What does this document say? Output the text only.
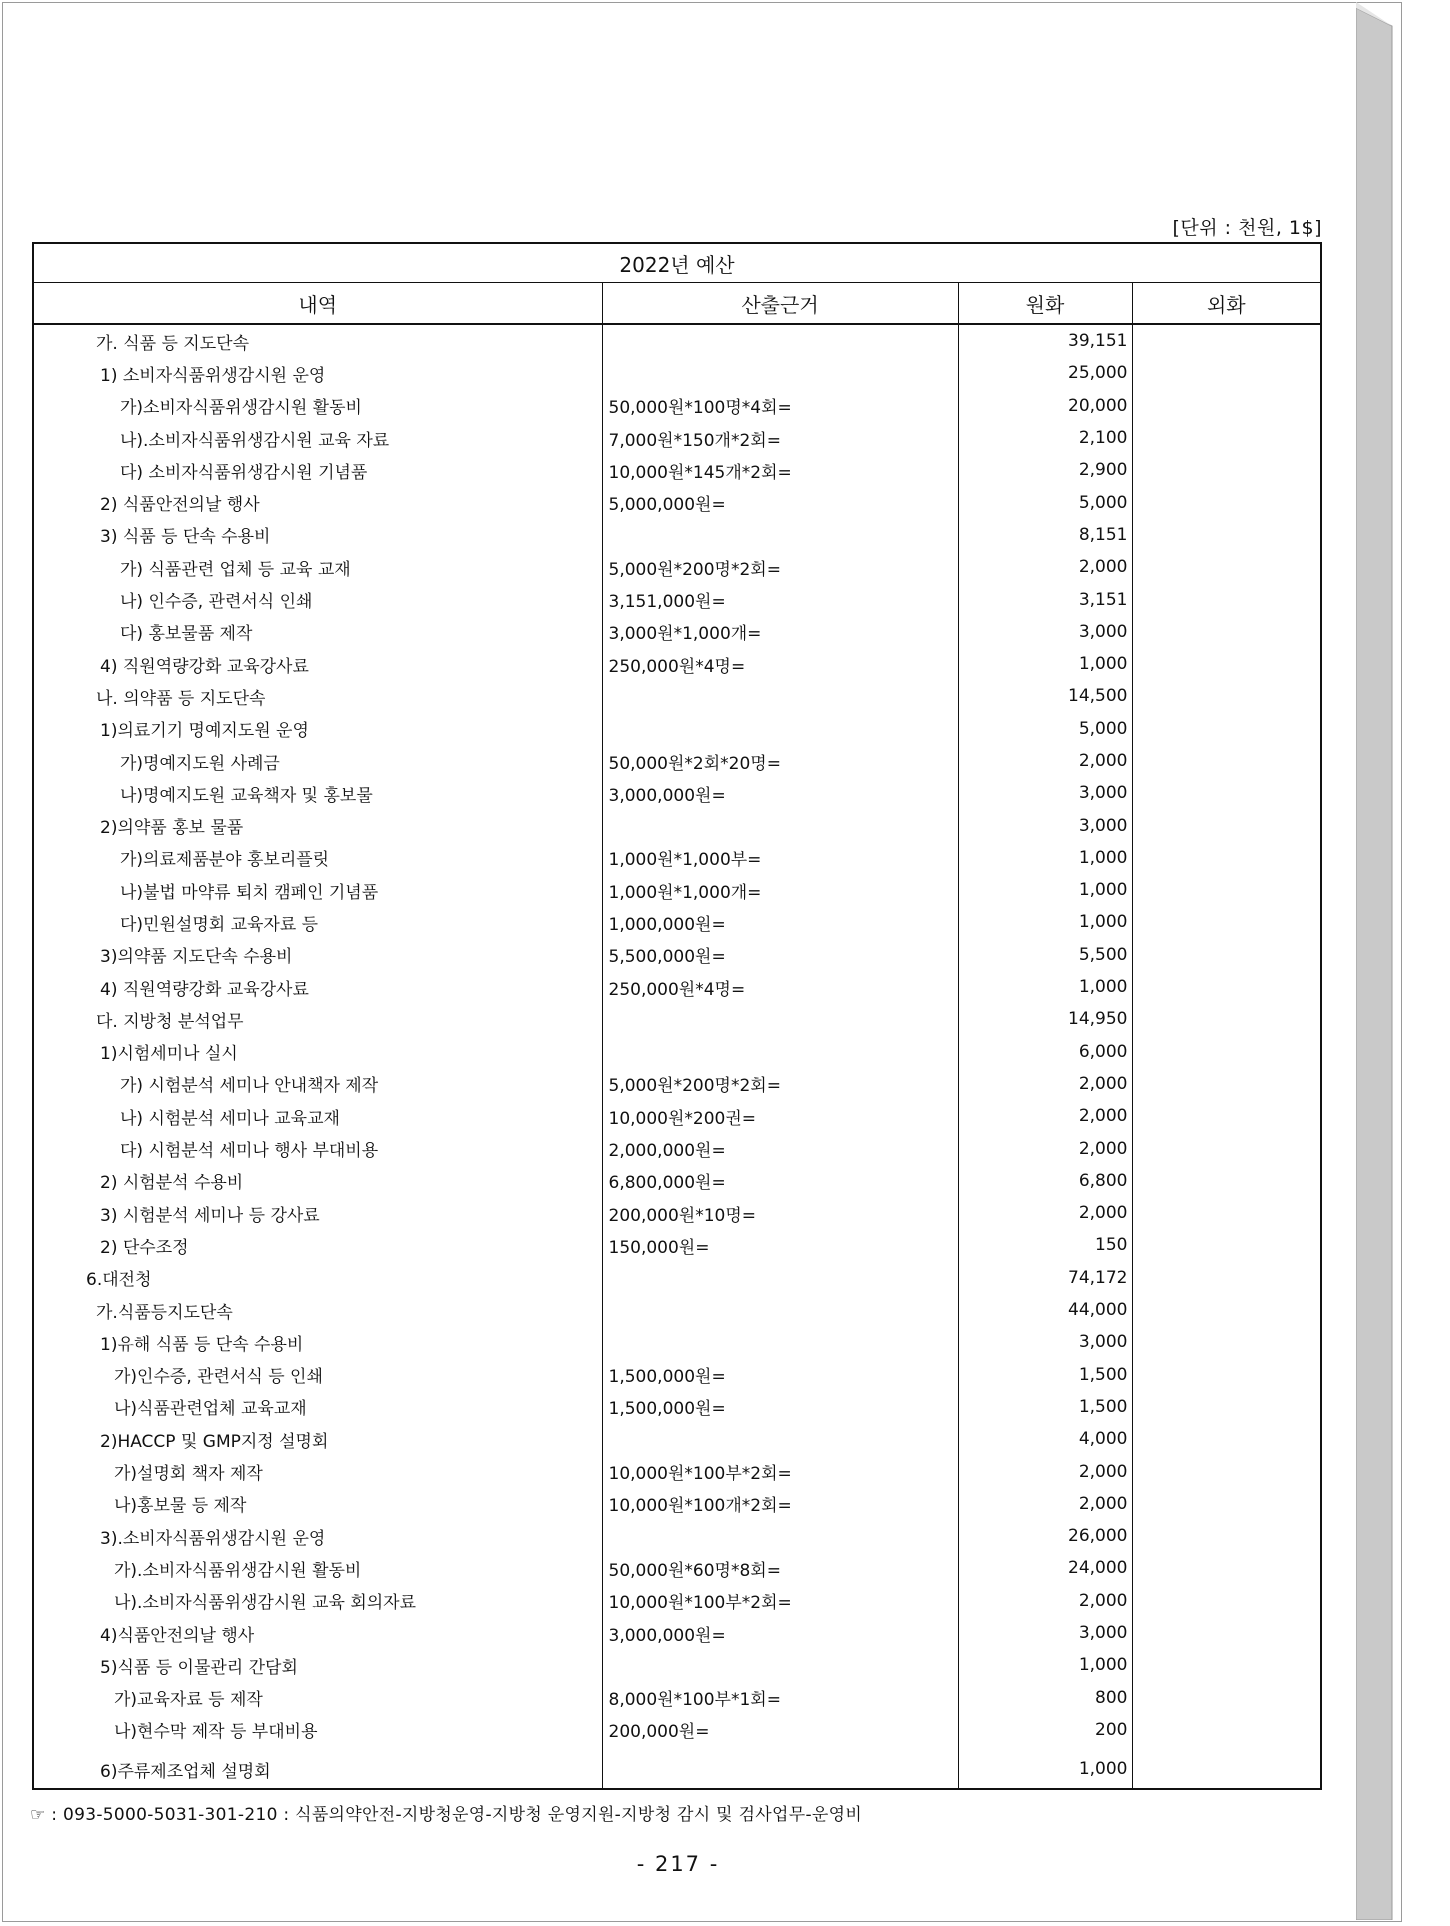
[단위 : 천원, 1$]
2022년 예산			
내역	산출근거	원화	외화
가. 식품 등 지도단속		39,151	
1) 소비자식품위생감시원 운영		25,000	
가)소비자식품위생감시원 활동비	50,000원*100명*4회=	20,000	
나).소비자식품위생감시원 교육 자료	7,000원*150개*2회=	2,100	
다) 소비자식품위생감시원 기념품	10,000원*145개*2회=	2,900	
2) 식품안전의날 행사	5,000,000원=	5,000	
3) 식품 등 단속 수용비		8,151	
가) 식품관련 업체 등 교육 교재	5,000원*200명*2회=	2,000	
나) 인수증, 관련서식 인쇄	3,151,000원=	3,151	
다) 홍보물품 제작	3,000원*1,000개=	3,000	
4) 직원역량강화 교육강사료	250,000원*4명=	1,000	
나. 의약품 등 지도단속		14,500	
1)의료기기 명예지도원 운영		5,000	
가)명예지도원 사례금	50,000원*2회*20명=	2,000	
나)명예지도원 교육책자 및 홍보물	3,000,000원=	3,000	
2)의약품 홍보 물품		3,000	
가)의료제품분야 홍보리플릿	1,000원*1,000부=	1,000	
나)불법 마약류 퇴치 캠페인 기념품	1,000원*1,000개=	1,000	
다)민원설명회 교육자료 등	1,000,000원=	1,000	
3)의약품 지도단속 수용비	5,500,000원=	5,500	
4) 직원역량강화 교육강사료	250,000원*4명=	1,000	
다. 지방청 분석업무		14,950	
1)시험세미나 실시		6,000	
가) 시험분석 세미나 안내책자 제작	5,000원*200명*2회=	2,000	
나) 시험분석 세미나 교육교재	10,000원*200권=	2,000	
다) 시험분석 세미나 행사 부대비용	2,000,000원=	2,000	
2) 시험분석 수용비	6,800,000원=	6,800	
3) 시험분석 세미나 등 강사료	200,000원*10명=	2,000	
2) 단수조정	150,000원=	150	
6.대전청		74,172	
가.식품등지도단속		44,000	
1)유해 식품 등 단속 수용비		3,000	
가)인수증, 관련서식 등 인쇄	1,500,000원=	1,500	
나)식품관련업체 교육교재	1,500,000원=	1,500	
2)HACCP 및 GMP지정 설명회		4,000	
가)설명회 책자 제작	10,000원*100부*2회=	2,000	
나)홍보물 등 제작	10,000원*100개*2회=	2,000	
3).소비자식품위생감시원 운영		26,000	
가).소비자식품위생감시원 활동비	50,000원*60명*8회=	24,000	
나).소비자식품위생감시원 교육 회의자료	10,000원*100부*2회=	2,000	
4)식품안전의날 행사	3,000,000원=	3,000	
5)식품 등 이물관리 간담회		1,000	
가)교육자료 등 제작	8,000원*100부*1회=	800	
나)현수막 제작 등 부대비용	200,000원=	200	
6)주류제조업체 설명회		1,000	
☞ : 093-5000-5031-301-210 : 식품의약안전-지방청운영-지방청 운영지원-지방청 감시 및 검사업무-운영비
- 217 -
